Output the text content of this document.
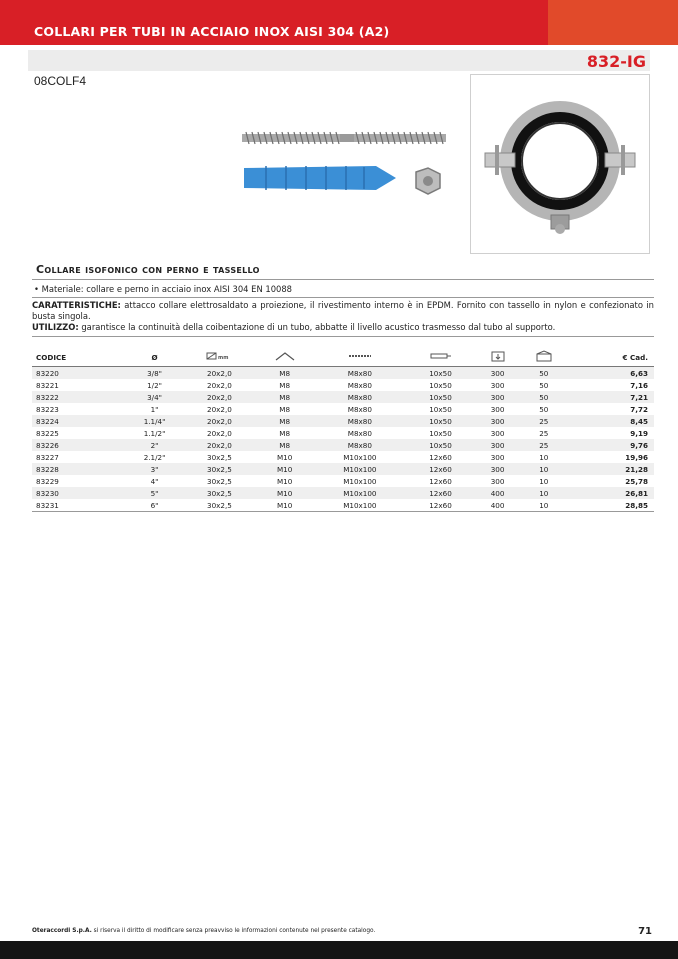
COLLARI PER TUBI IN ACCIAIO INOX AISI 304 (A2)
832-IG
08COLF4
Collare isofonico con perno e tassello
• Materiale: collare e perno in acciaio inox AISI 304 EN 10088
CARATTERISTICHE: attacco collare elettrosaldato a proiezione, il rivestimento interno è in EPDM. Fornito con tassello in nylon e confezionato in busta singola.
UTILIZZO: garantisce la continuità della coibentazione di un tubo, abbatte il livello acustico trasmesso dal tubo al supporto.
CODICE	Ø	mm						€ Cad.
83220	3/8"	20x2,0	M8	M8x80	10x50	300	50	6,63
83221	1/2"	20x2,0	M8	M8x80	10x50	300	50	7,16
83222	3/4"	20x2,0	M8	M8x80	10x50	300	50	7,21
83223	1"	20x2,0	M8	M8x80	10x50	300	50	7,72
83224	1.1/4"	20x2,0	M8	M8x80	10x50	300	25	8,45
83225	1.1/2"	20x2,0	M8	M8x80	10x50	300	25	9,19
83226	2"	20x2,0	M8	M8x80	10x50	300	25	9,76
83227	2.1/2"	30x2,5	M10	M10x100	12x60	300	10	19,96
83228	3"	30x2,5	M10	M10x100	12x60	300	10	21,28
83229	4"	30x2,5	M10	M10x100	12x60	300	10	25,78
83230	5"	30x2,5	M10	M10x100	12x60	400	10	26,81
83231	6"	30x2,5	M10	M10x100	12x60	400	10	28,85
Oteraccordi S.p.A. si riserva il diritto di modificare senza preavviso le informazioni contenute nel presente catalogo.	71
